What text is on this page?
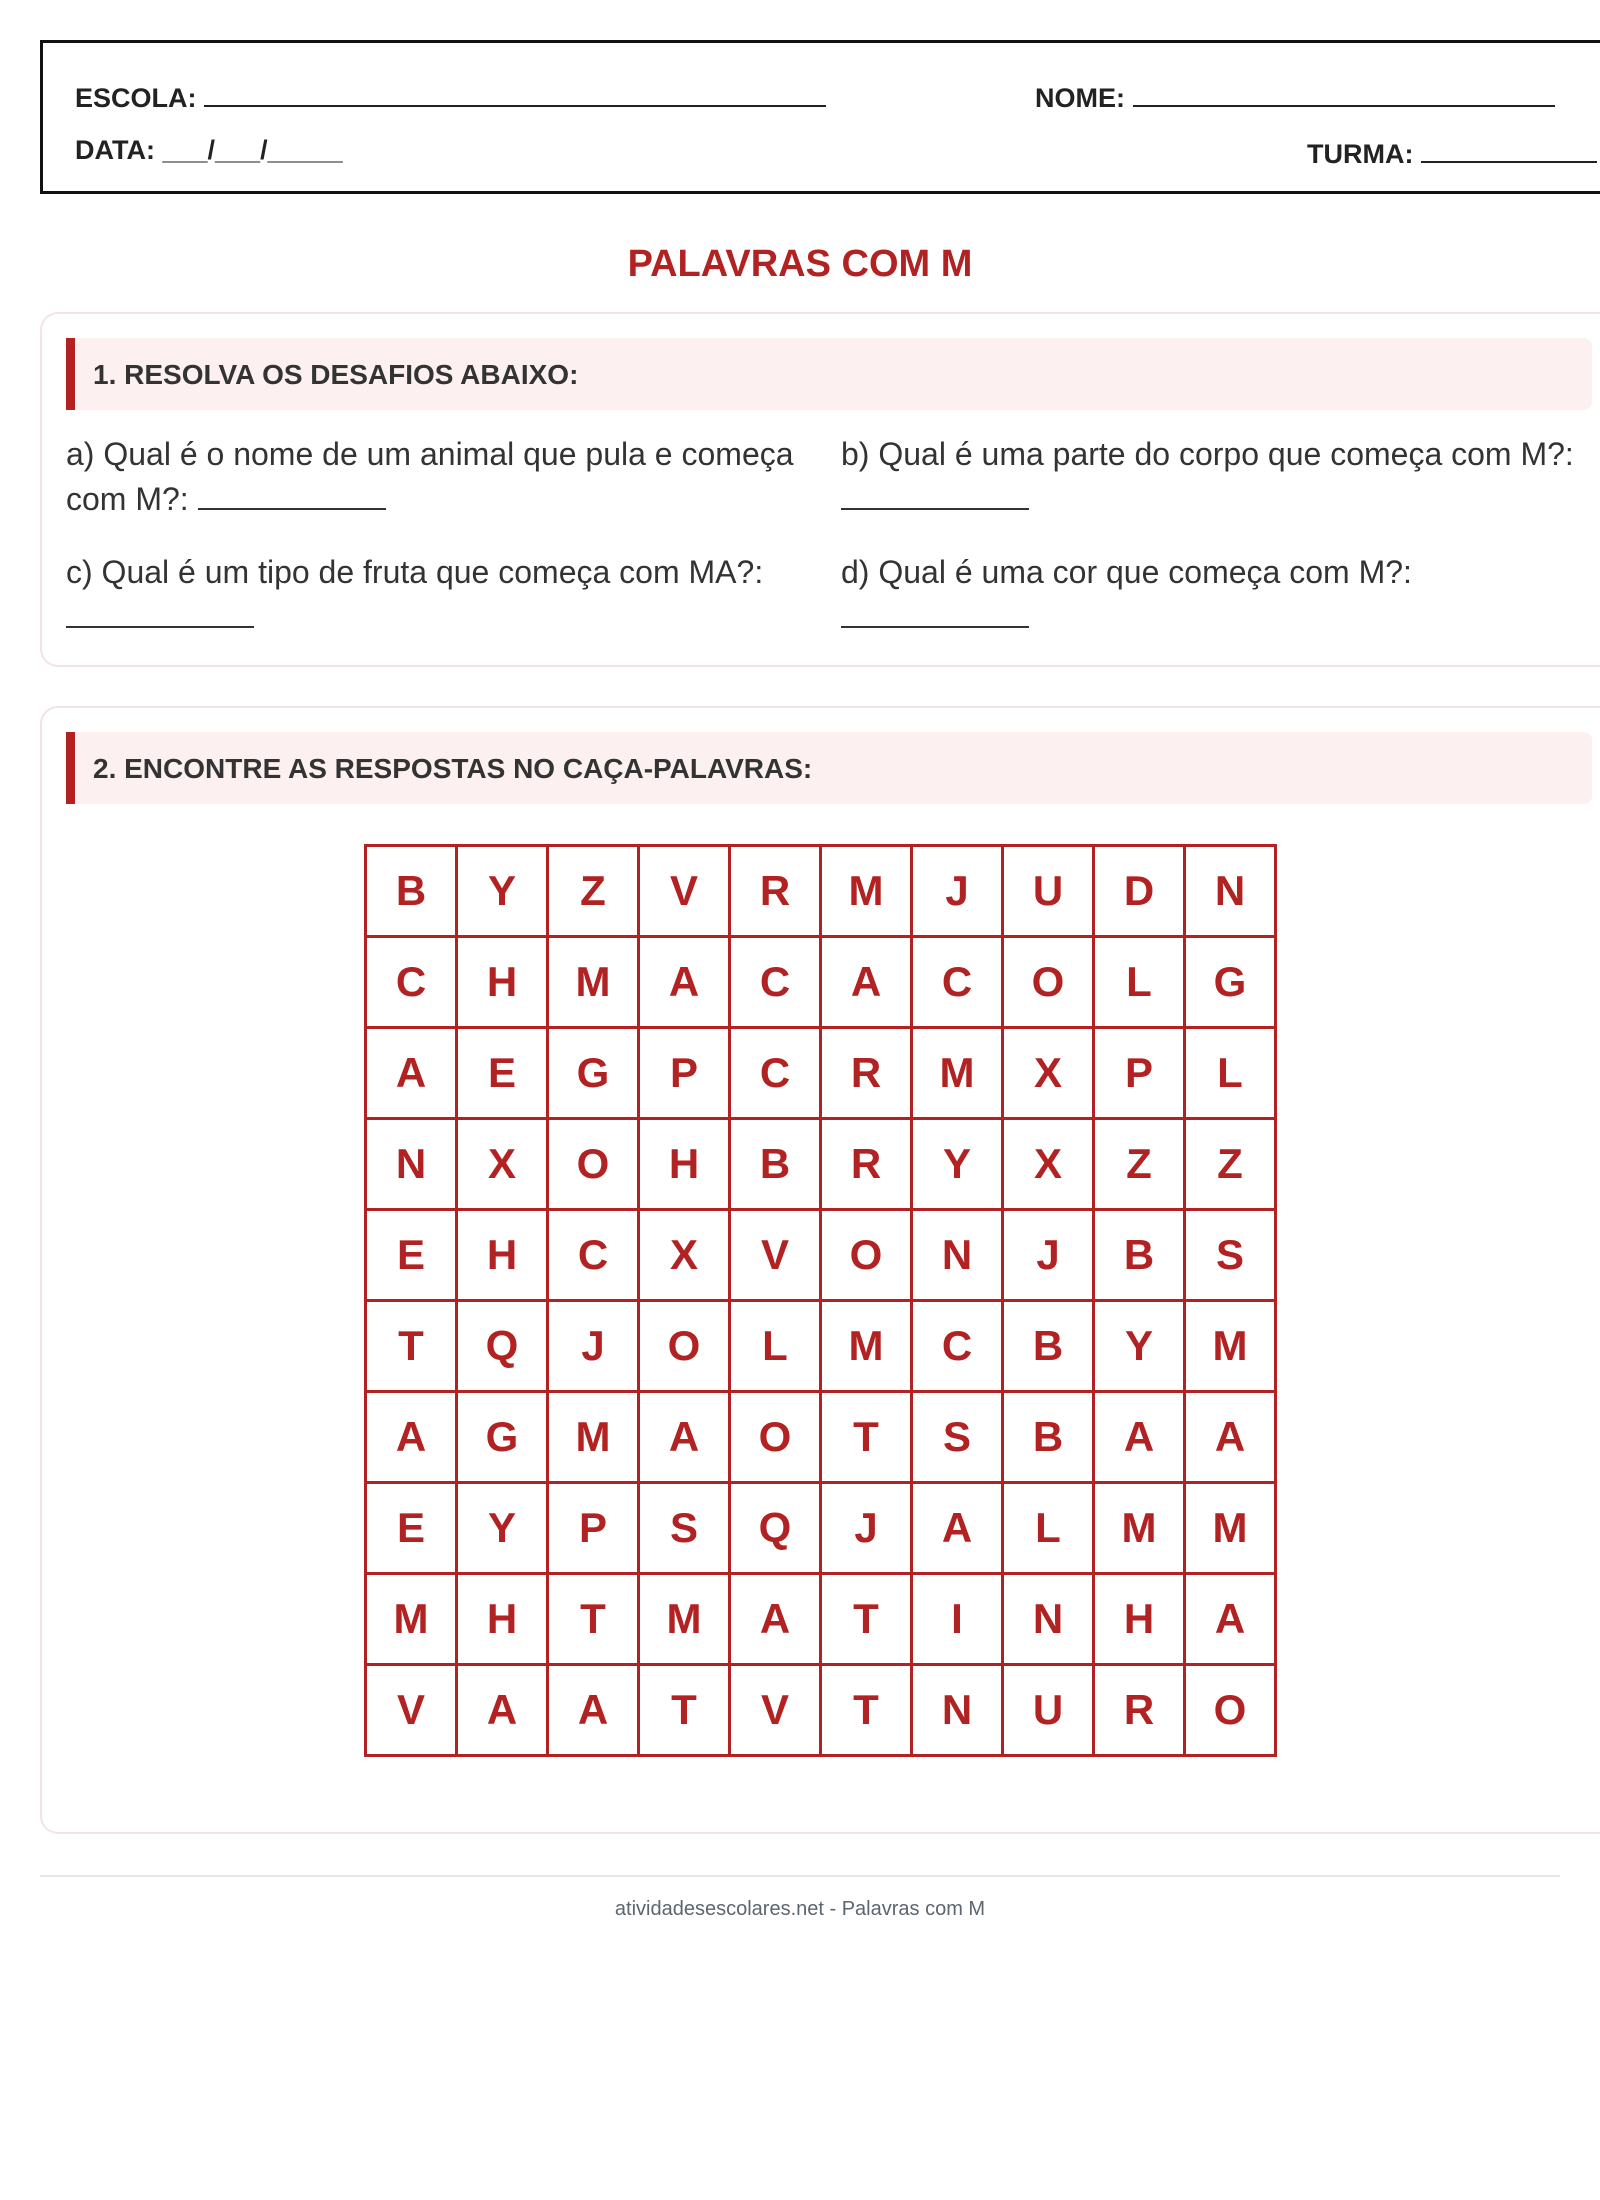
ESCOLA:	NOME:
DATA: ___/___/_____	TURMA:
PALAVRAS COM M
1. RESOLVA OS DESAFIOS ABAIXO:
a) Qual é o nome de um animal que pula e começa com M?:
b) Qual é uma parte do corpo que começa com M?:
c) Qual é um tipo de fruta que começa com MA?:	d) Qual é uma cor que começa com M?:
2. ENCONTRE AS RESPOSTAS NO CAÇA-PALAVRAS:
B	Y	Z	V	R	M	J	U	D	N
C	H	M	A	C	A	C	O	L	G
A	E	G	P	C	R	M	X	P	L
N	X	O	H	B	R	Y	X	Z	Z
E	H	C	X	V	O	N	J	B	S
T	Q	J	O	L	M	C	B	Y	M
A	G	M	A	O	T	S	B	A	A
E	Y	P	S	Q	J	A	L	M	M
M	H	T	M	A	T	I	N	H	A
V	A	A	T	V	T	N	U	R	O
atividadesescolares.net - Palavras com M
